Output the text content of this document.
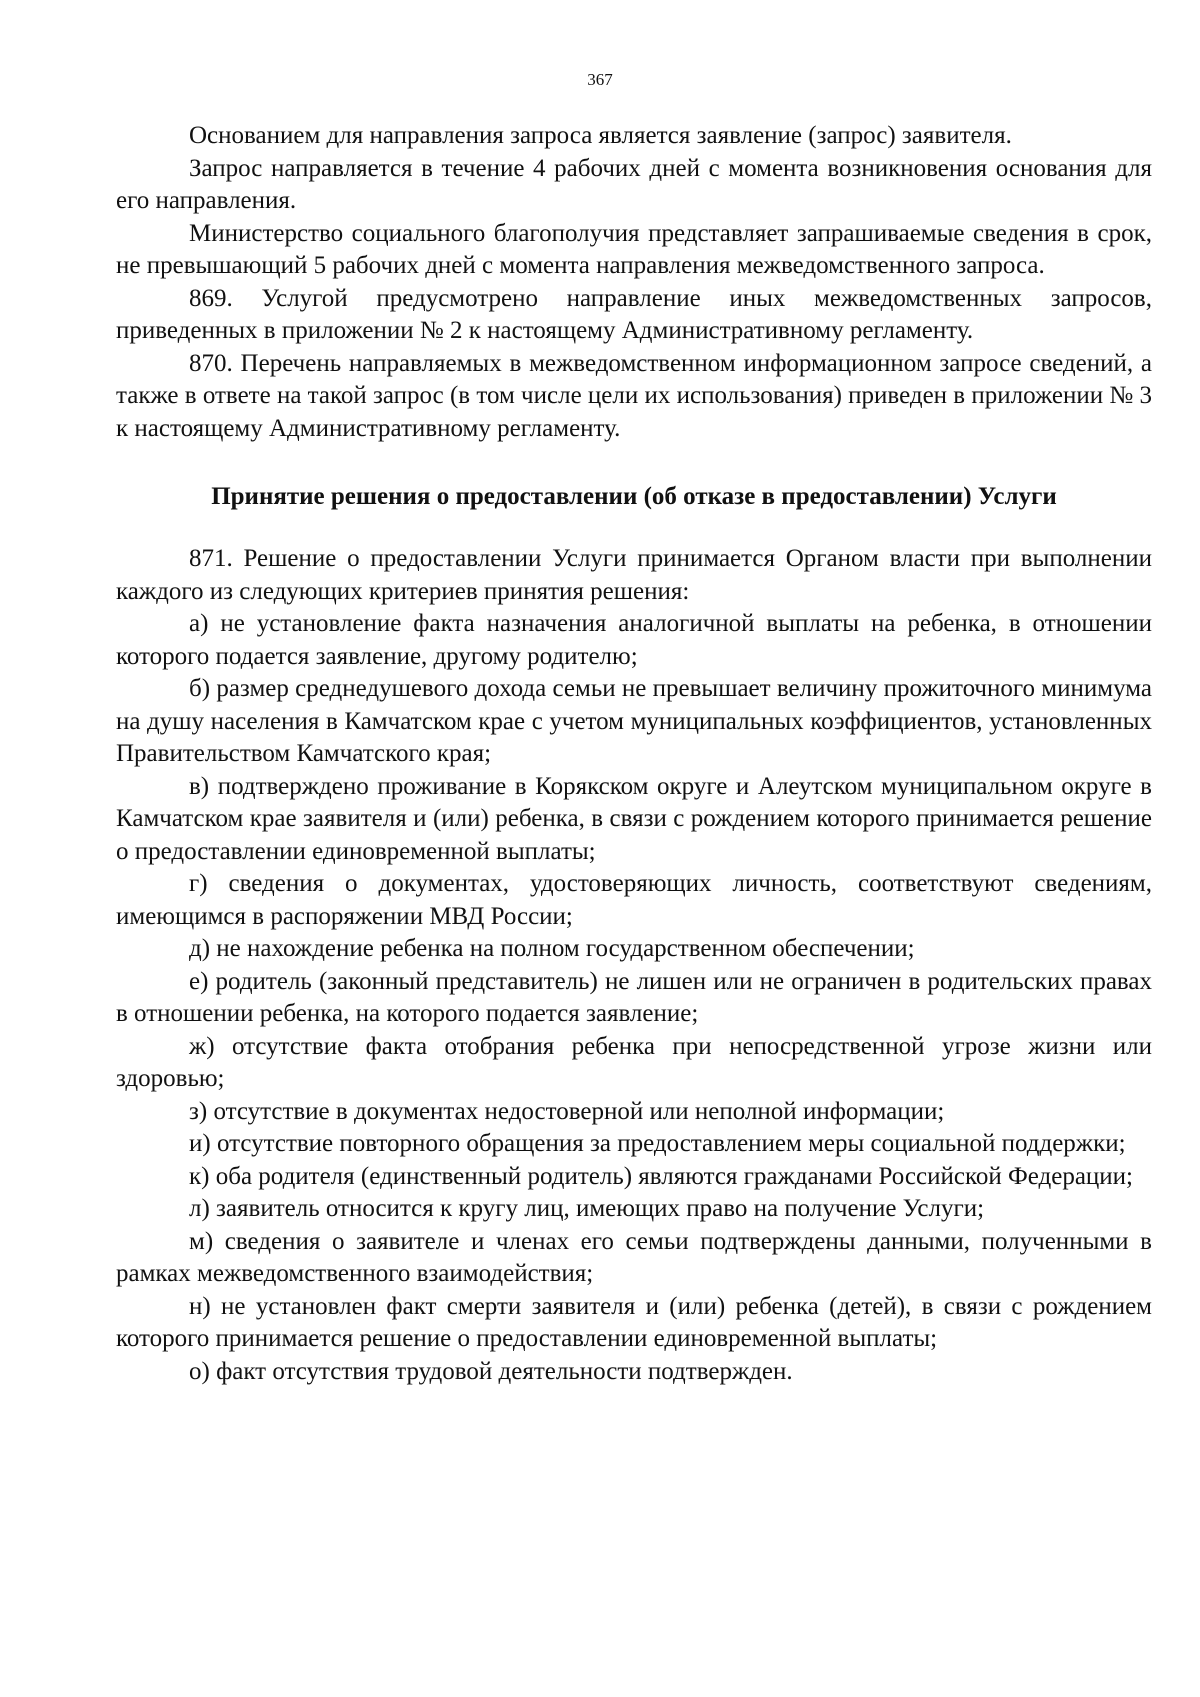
367

Основанием для направления запроса является заявление (запрос) заявителя.

Запрос направляется в течение 4 рабочих дней с момента возникновения основания для его направления.

Министерство социального благополучия представляет запрашиваемые сведения в срок, не превышающий 5 рабочих дней с момента направления межведомственного запроса.

869. Услугой предусмотрено направление иных межведомственных запросов, приведенных в приложении № 2 к настоящему Административному регламенту.

870. Перечень направляемых в межведомственном информационном запросе сведений, а также в ответе на такой запрос (в том числе цели их использования) приведен в приложении № 3 к настоящему Административному регламенту.

Принятие решения о предоставлении (об отказе в предоставлении) Услуги

871. Решение о предоставлении Услуги принимается Органом власти при выполнении каждого из следующих критериев принятия решения:

а) не установление факта назначения аналогичной выплаты на ребенка, в отношении которого подается заявление, другому родителю;

б) размер среднедушевого дохода семьи не превышает величину прожиточного минимума на душу населения в Камчатском крае с учетом муниципальных коэффициентов, установленных Правительством Камчатского края;

в) подтверждено проживание в Корякском округе и Алеутском муниципальном округе в Камчатском крае заявителя и (или) ребенка, в связи с рождением которого принимается решение о предоставлении единовременной выплаты;

г) сведения о документах, удостоверяющих личность, соответствуют сведениям, имеющимся в распоряжении МВД России;

д) не нахождение ребенка на полном государственном обеспечении;

е) родитель (законный представитель) не лишен или не ограничен в родительских правах в отношении ребенка, на которого подается заявление;

ж) отсутствие факта отобрания ребенка при непосредственной угрозе жизни или здоровью;

з) отсутствие в документах недостоверной или неполной информации;

и) отсутствие повторного обращения за предоставлением меры социальной поддержки;

к) оба родителя (единственный родитель) являются гражданами Российской Федерации;

л) заявитель относится к кругу лиц, имеющих право на получение Услуги;

м) сведения о заявителе и членах его семьи подтверждены данными, полученными в рамках межведомственного взаимодействия;

н) не установлен факт смерти заявителя и (или) ребенка (детей), в связи с рождением которого принимается решение о предоставлении единовременной выплаты;

о) факт отсутствия трудовой деятельности подтвержден.
